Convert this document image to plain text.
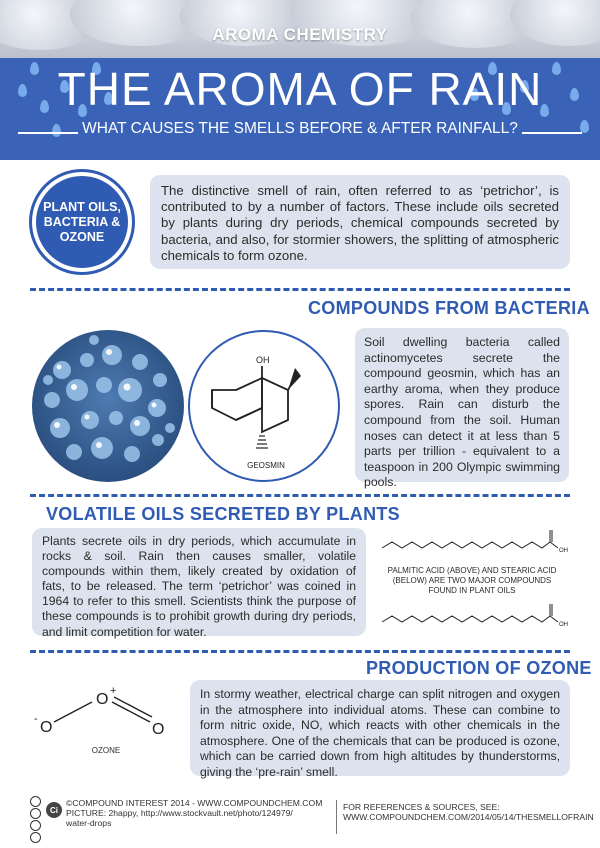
AROMA CHEMISTRY
THE AROMA OF RAIN
WHAT CAUSES THE SMELLS BEFORE & AFTER RAINFALL?
PLANT OILS, BACTERIA & OZONE
The distinctive smell of rain, often referred to as ‘petrichor’, is contributed to by a number of factors. These include oils secreted by plants during dry periods, chemical compounds secreted by bacteria, and also, for stormier showers, the splitting of atmospheric chemicals to form ozone.
COMPOUNDS FROM BACTERIA
OH
GEOSMIN
Soil dwelling bacteria called actinomycetes secrete the compound geosmin, which has an earthy aroma, when they produce spores. Rain can disturb the compound from the soil. Human noses can detect it at less than 5 parts per trillion - equivalent to a teaspoon in 200 Olympic swimming pools.
VOLATILE OILS SECRETED BY PLANTS
Plants secrete oils in dry periods, which accumulate in rocks & soil. Rain then causes smaller, volatile compounds within them, likely created by oxidation of fats, to be released. The term ‘petrichor’ was coined in 1964 to refer to this smell. Scientists think the purpose of these compounds is to prohibit growth during dry periods, and limit competition for water.
OH
OH
PALMITIC ACID (ABOVE) AND STEARIC ACID (BELOW) ARE TWO MAJOR COMPOUNDS FOUND IN PLANT OILS
PRODUCTION OF OZONE
O
-
O +
O
OZONE
In stormy weather, electrical charge can split nitrogen and oxygen in the atmosphere into individual atoms. These can combine to form nitric oxide, NO, which reacts with other chemicals in the atmosphere. One of the chemicals that can be produced is ozone, which can be carried down from high altitudes by thunderstorms, giving the ‘pre-rain’ smell.
Ci
©COMPOUND INTEREST 2014 - WWW.COMPOUNDCHEM.COM
PICTURE: 2happy, http://www.stockvault.net/photo/124979/
water-drops
FOR REFERENCES & SOURCES, SEE:
WWW.COMPOUNDCHEM.COM/2014/05/14/THESMELLOFRAIN
